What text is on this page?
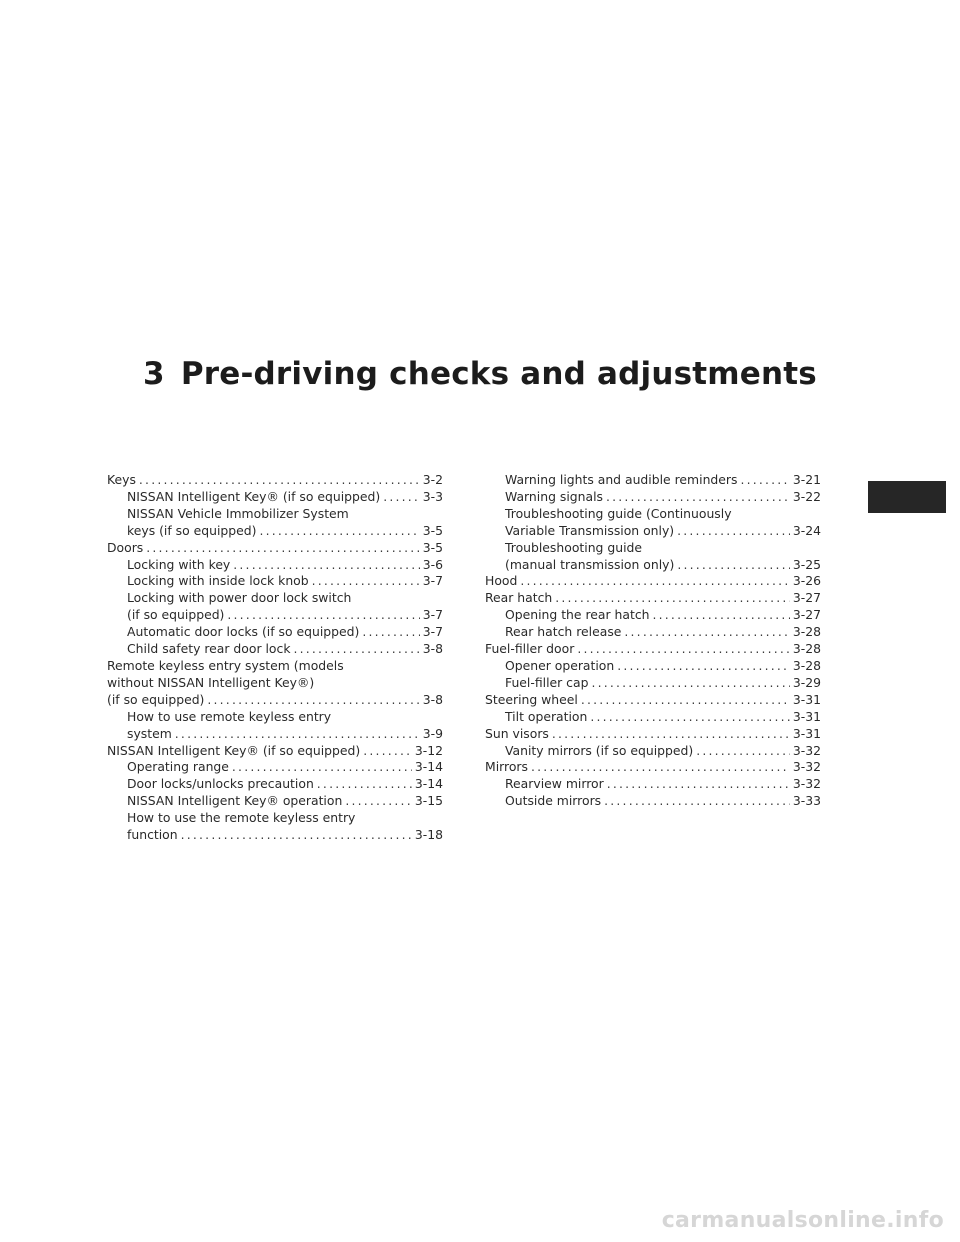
3 Pre-driving checks and adjustments
Keys .....	3-2
NISSAN Intelligent Key® (if so equipped) .....	3-3
NISSAN Vehicle Immobilizer System
keys (if so equipped) .....	3-5
Doors .....	3-5
Locking with key .....	3-6
Locking with inside lock knob .....	3-7
Locking with power door lock switch
(if so equipped) .....	3-7
Automatic door locks (if so equipped) .....	3-7
Child safety rear door lock .....	3-8
Remote keyless entry system (models
without NISSAN Intelligent Key®)
(if so equipped) .....	3-8
How to use remote keyless entry
system .....	3-9
NISSAN Intelligent Key® (if so equipped) .....	3-12
Operating range .....	3-14
Door locks/unlocks precaution .....	3-14
NISSAN Intelligent Key® operation .....	3-15
How to use the remote keyless entry
function .....	3-18
Warning lights and audible reminders .....	3-21
Warning signals .....	3-22
Troubleshooting guide (Continuously
Variable Transmission only) .....	3-24
Troubleshooting guide
(manual transmission only) .....	3-25
Hood .....	3-26
Rear hatch .....	3-27
Opening the rear hatch .....	3-27
Rear hatch release .....	3-28
Fuel-filler door .....	3-28
Opener operation .....	3-28
Fuel-filler cap .....	3-29
Steering wheel .....	3-31
Tilt operation .....	3-31
Sun visors .....	3-31
Vanity mirrors (if so equipped) .....	3-32
Mirrors .....	3-32
Rearview mirror .....	3-32
Outside mirrors .....	3-33
carmanualsonline.info
